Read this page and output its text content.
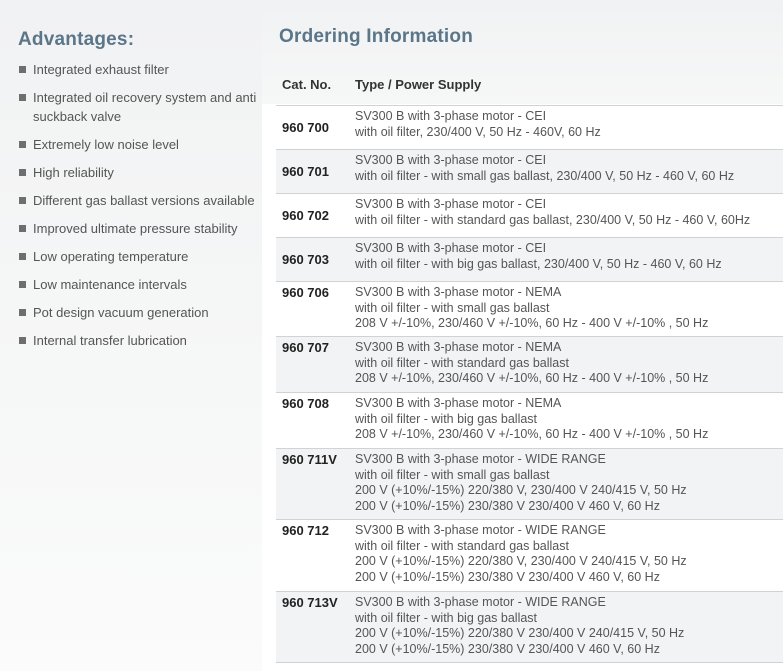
Advantages:
Integrated exhaust filter
Integrated oil recovery system and anti suckback valve
Extremely low noise level
High reliability
Different gas ballast versions available
Improved ultimate pressure stability
Low operating temperature
Low maintenance intervals
Pot design vacuum generation
Internal transfer lubrication
Ordering Information
Cat. No. Type / Power Supply
960 700
SV300 B with 3-phase motor - CEI
with oil filter, 230/400 V, 50 Hz - 460V, 60 Hz
960 701
SV300 B with 3-phase motor - CEI
with oil filter - with small gas ballast, 230/400 V, 50 Hz - 460 V, 60 Hz
960 702
SV300 B with 3-phase motor - CEI
with oil filter - with standard gas ballast, 230/400 V, 50 Hz - 460 V, 60Hz
960 703
SV300 B with 3-phase motor - CEI
with oil filter - with big gas ballast, 230/400 V, 50 Hz - 460 V, 60 Hz
960 706 SV300 B with 3-phase motor - NEMA
with oil filter - with small gas ballast
208 V +/-10%, 230/460 V +/-10%, 60 Hz - 400 V +/-10% , 50 Hz
960 707 SV300 B with 3-phase motor - NEMA
with oil filter - with standard gas ballast
208 V +/-10%, 230/460 V +/-10%, 60 Hz - 400 V +/-10% , 50 Hz
960 708 SV300 B with 3-phase motor - NEMA
with oil filter - with big gas ballast
208 V +/-10%, 230/460 V +/-10%, 60 Hz - 400 V +/-10% , 50 Hz
960 711V SV300 B with 3-phase motor - WIDE RANGE
with oil filter - with small gas ballast
200 V (+10%/-15%) 220/380 V, 230/400 V 240/415 V, 50 Hz
200 V (+10%/-15%) 230/380 V 230/400 V 460 V, 60 Hz
960 712 SV300 B with 3-phase motor - WIDE RANGE
with oil filter - with standard gas ballast
200 V (+10%/-15%) 220/380 V, 230/400 V 240/415 V, 50 Hz
200 V (+10%/-15%) 230/380 V 230/400 V 460 V, 60 Hz
960 713V SV300 B with 3-phase motor - WIDE RANGE
with oil filter - with big gas ballast
200 V (+10%/-15%) 220/380 V 230/400 V 240/415 V, 50 Hz
200 V (+10%/-15%) 230/380 V 230/400 V 460 V, 60 Hz
